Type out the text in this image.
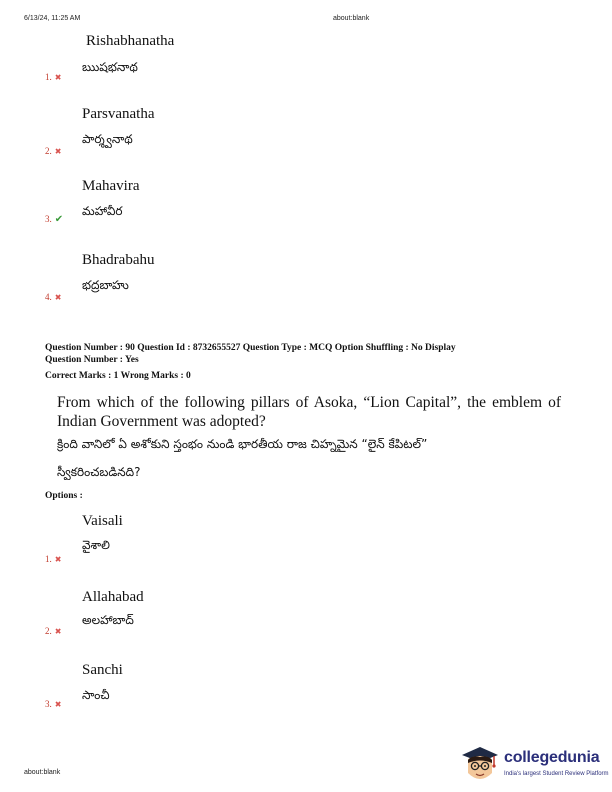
6/13/24, 11:25 AM	about:blank
Rishabhanatha
ఋషభనాథ
1. ✖
Parsvanatha
పార్శ్వనాథ
2. ✖
Mahavira
మహావీర
3. ✔
Bhadrabahu
భద్రబాహు
4. ✖
Question Number : 90 Question Id : 8732655527 Question Type : MCQ Option Shuffling : No Display
Question Number : Yes
Correct Marks : 1 Wrong Marks : 0
From which of the following pillars of Asoka, “Lion Capital”, the emblem of Indian Government was adopted?
క్రింది వానిలో ఏ అశోకుని స్తంభం నుండి భారతీయ రాజ చిహ్నమైన “లైన్ కేపిటల్”
స్వీకరించబడినది?
Options :
Vaisali
వైశాలి
1. ✖
Allahabad
అలహాబాద్
2. ✖
Sanchi
సాంచీ
3. ✖
about:blank
collegedunia
India's largest Student Review Platform
